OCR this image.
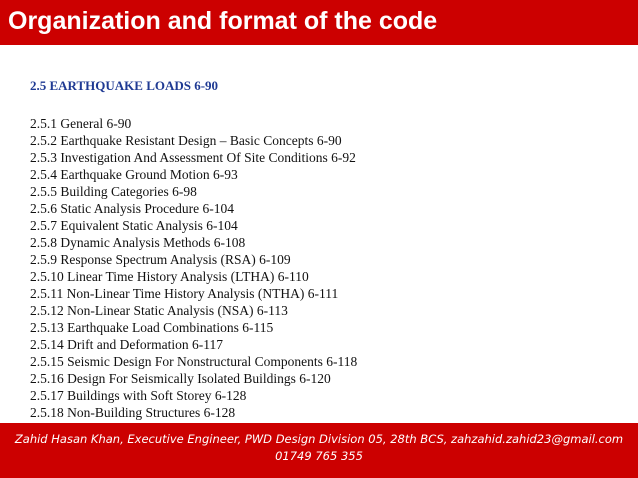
Organization and format of the code
2.5 EARTHQUAKE LOADS 6-90
2.5.1 General 6-90
2.5.2 Earthquake Resistant Design – Basic Concepts 6-90
2.5.3 Investigation And Assessment Of Site Conditions 6-92
2.5.4 Earthquake Ground Motion 6-93
2.5.5 Building Categories 6-98
2.5.6 Static Analysis Procedure 6-104
2.5.7 Equivalent Static Analysis 6-104
2.5.8 Dynamic Analysis Methods 6-108
2.5.9 Response Spectrum Analysis (RSA) 6-109
2.5.10 Linear Time History Analysis (LTHA) 6-110
2.5.11 Non-Linear Time History Analysis (NTHA) 6-111
2.5.12 Non-Linear Static Analysis (NSA) 6-113
2.5.13 Earthquake Load Combinations 6-115
2.5.14 Drift and Deformation 6-117
2.5.15 Seismic Design For Nonstructural Components 6-118
2.5.16 Design For Seismically Isolated Buildings 6-120
2.5.17 Buildings with Soft Storey 6-128
2.5.18 Non-Building Structures 6-128
Zahid Hasan Khan, Executive Engineer, PWD Design Division 05, 28th BCS, zahzahid.zahid23@gmail.com
01749 765 355
